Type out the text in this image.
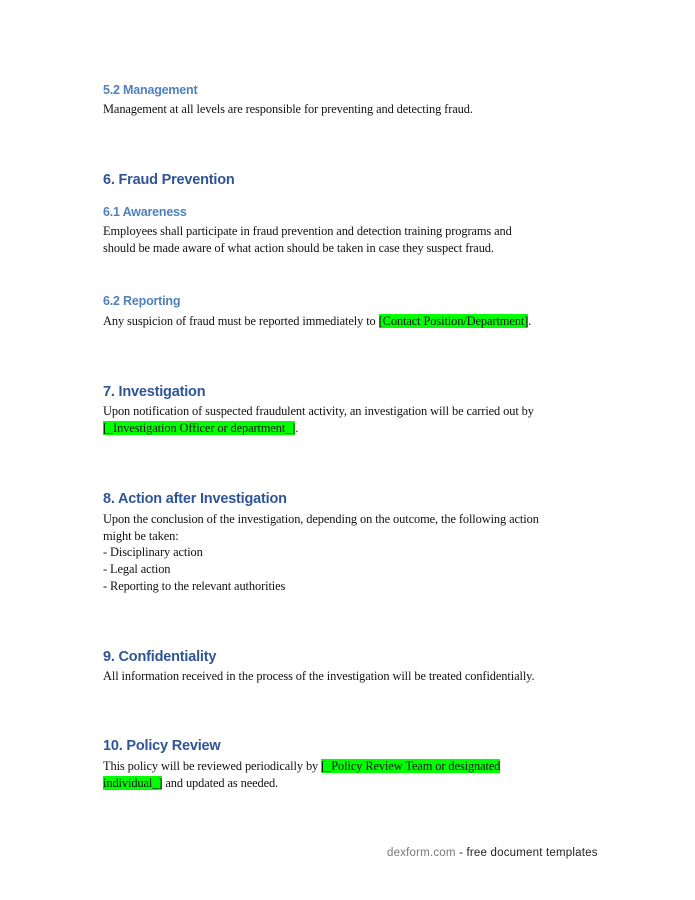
5.2 Management
Management at all levels are responsible for preventing and detecting fraud.
6. Fraud Prevention
6.1 Awareness
Employees shall participate in fraud prevention and detection training programs and
should be made aware of what action should be taken in case they suspect fraud.
6.2 Reporting
Any suspicion of fraud must be reported immediately to [Contact Position/Department].
7. Investigation
Upon notification of suspected fraudulent activity, an investigation will be carried out by
[_Investigation Officer or department_].
8. Action after Investigation
Upon the conclusion of the investigation, depending on the outcome, the following action
might be taken:
- Disciplinary action
- Legal action
- Reporting to the relevant authorities
9. Confidentiality
All information received in the process of the investigation will be treated confidentially.
10. Policy Review
This policy will be reviewed periodically by [_Policy Review Team or designated
individual_] and updated as needed.
dexform.com - free document templates
